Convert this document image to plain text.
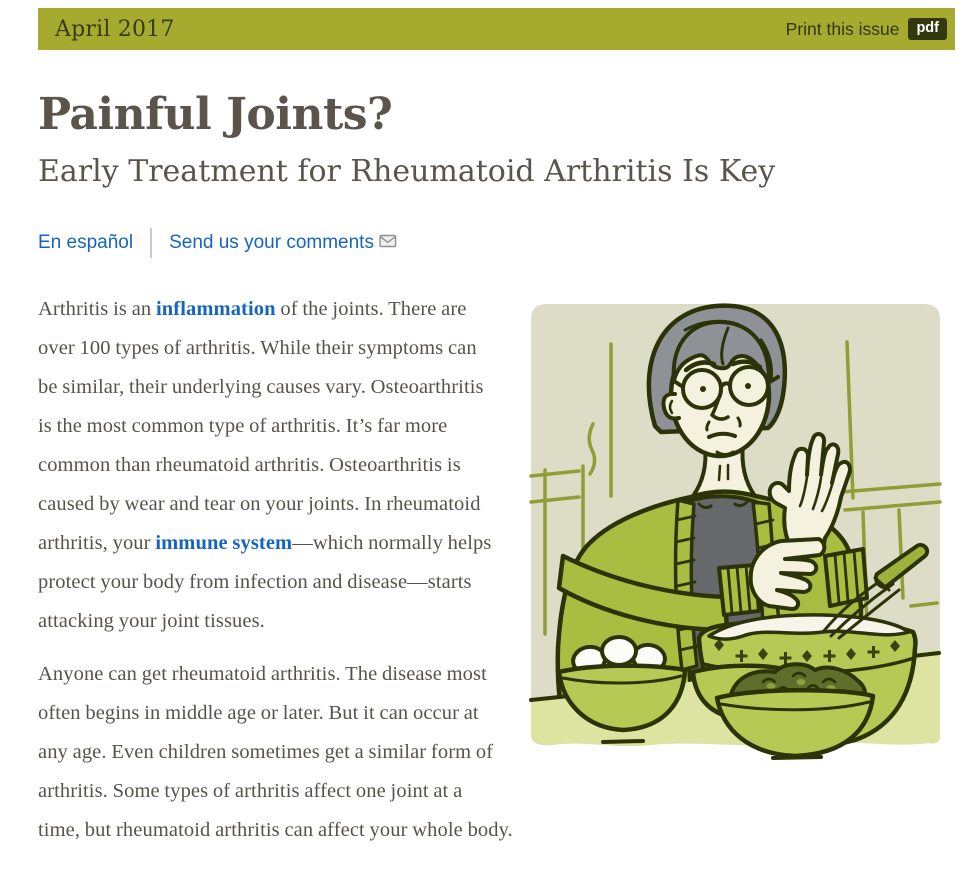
April 2017	Print this issue	pdf
Painful Joints?
Early Treatment for Rheumatoid Arthritis Is Key
En español Send us your comments

Arthritis is an inflammation of the joints. There are over 100 types of arthritis. While their symptoms can be similar, their underlying causes vary. Osteoarthritis is the most common type of arthritis. It’s far more common than rheumatoid arthritis. Osteoarthritis is caused by wear and tear on your joints. In rheumatoid arthritis, your immune system​—which normally helps protect your body from infection and disease​—starts attacking your joint tissues.

Anyone can get rheumatoid arthritis. The disease most often begins in middle age or later. But it can occur at any age. Even children sometimes get a similar form of arthritis. Some types of arthritis affect one joint at a time, but rheumatoid arthritis can affect your whole body.
